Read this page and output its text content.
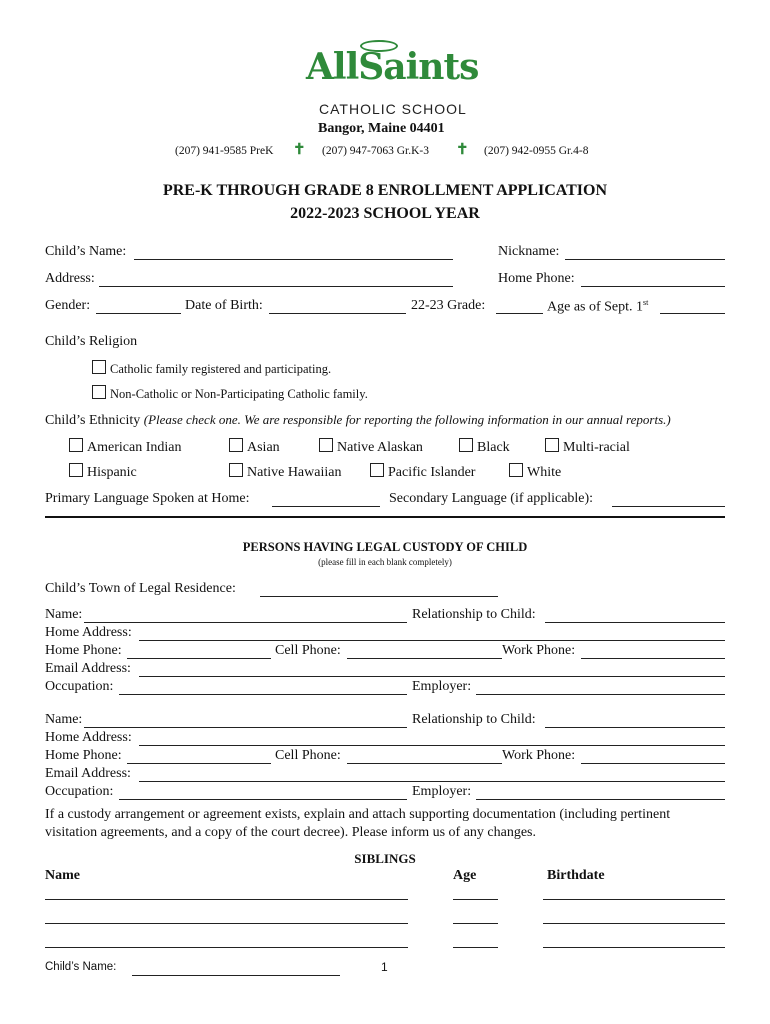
AllSaints
CATHOLIC SCHOOL
Bangor, Maine 04401
(207) 941-9585 PreK ✝ (207) 947-7063 Gr.K-3 ✝ (207) 942-0955 Gr.4-8
PRE-K THROUGH GRADE 8 ENROLLMENT APPLICATION
2022-2023 SCHOOL YEAR
Child’s Name:	Nickname:
Address:	Home Phone:
Gender:	Date of Birth:	22-23 Grade:	Age as of Sept. 1st
Child’s Religion
Catholic family registered and participating.
Non-Catholic or Non-Participating Catholic family.
Child’s Ethnicity (Please check one. We are responsible for reporting the following information in our annual reports.)
American Indian	Asian	Native Alaskan	Black	Multi-racial
Hispanic	Native Hawaiian	Pacific Islander	White
Primary Language Spoken at Home:	Secondary Language (if applicable):
PERSONS HAVING LEGAL CUSTODY OF CHILD
(please fill in each blank completely)
Child’s Town of Legal Residence:
Name:	Relationship to Child:
Home Address:
Home Phone:	Cell Phone:	Work Phone:
Email Address:
Occupation:	Employer:
Name:	Relationship to Child:
Home Address:
Home Phone:	Cell Phone:	Work Phone:
Email Address:
Occupation:	Employer:
If a custody arrangement or agreement exists, explain and attach supporting documentation (including pertinent visitation agreements, and a copy of the court decree). Please inform us of any changes.
SIBLINGS
Name	Age	Birthdate
Child’s Name:	1
